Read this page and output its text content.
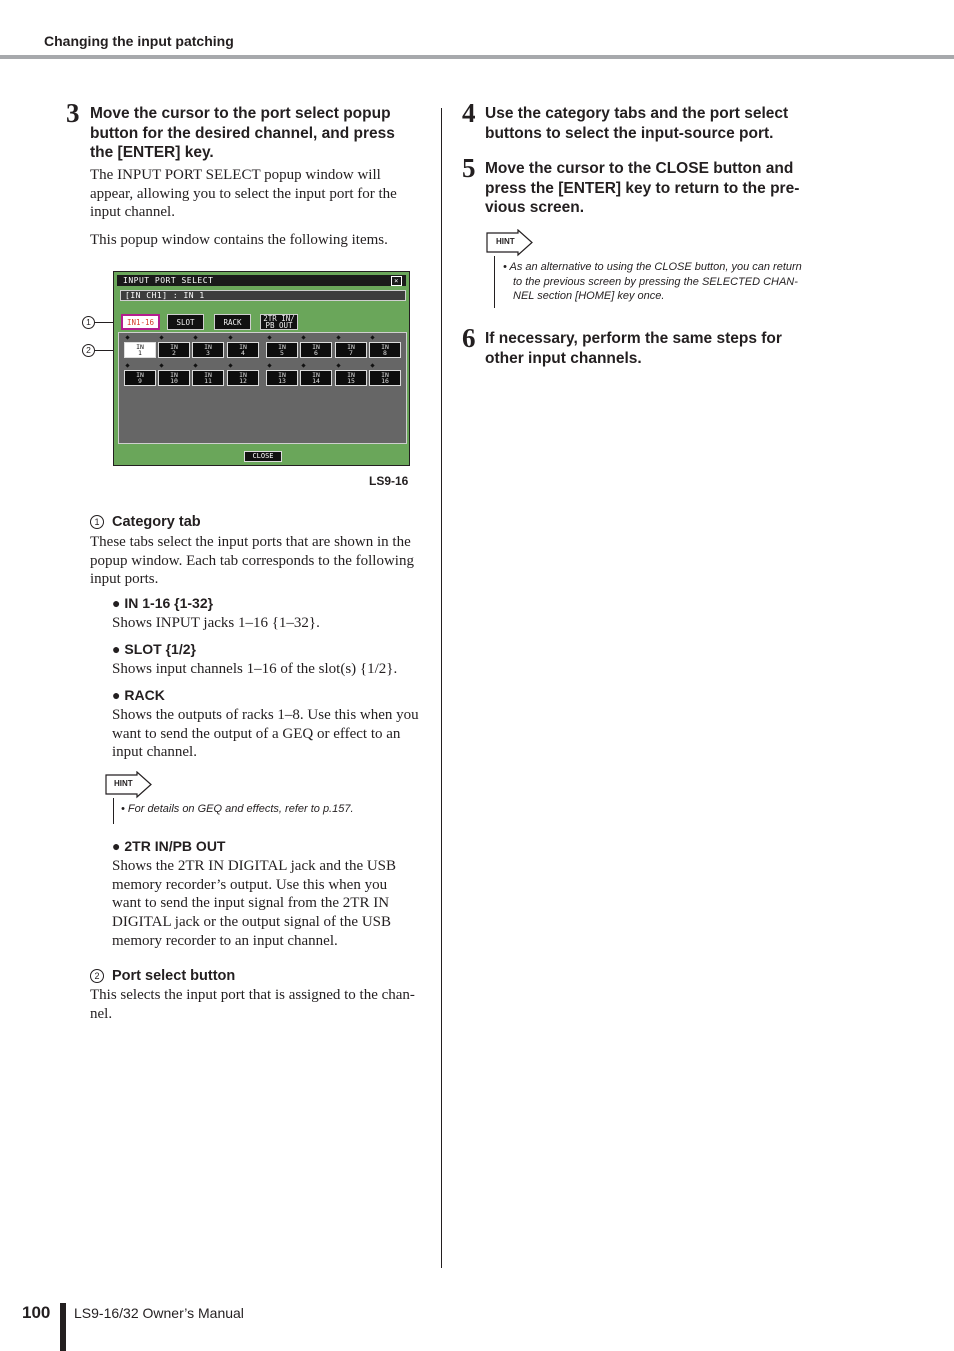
Changing the input patching
3 Move the cursor to the port select popup
button for the desired channel, and press
the [ENTER] key.
The INPUT PORT SELECT popup window will
appear, allowing you to select the input port for the
input channel.
This popup window contains the following items.
1
2
INPUT PORT SELECT	×
[IN CH1] : IN 1
IN1-16	SLOT	RACK	2TR IN/
PB OUT
IN
1
IN
2
IN
3
IN
4
IN
5
IN
6
IN
7
IN
8
IN
9
IN
10
IN
11
IN
12
IN
13
IN
14
IN
15
IN
16
CLOSE
LS9-16
1 Category tab
These tabs select the input ports that are shown in the
popup window. Each tab corresponds to the following
input ports.
● IN 1-16 {1-32}
Shows INPUT jacks 1–16 {1–32}.
● SLOT {1/2}
Shows input channels 1–16 of the slot(s) {1/2}.
● RACK
Shows the outputs of racks 1–8. Use this when you
want to send the output of a GEQ or effect to an
input channel.
HINT
• For details on GEQ and effects, refer to p.157.
● 2TR IN/PB OUT
Shows the 2TR IN DIGITAL jack and the USB
memory recorder’s output. Use this when you
want to send the input signal from the 2TR IN
DIGITAL jack or the output signal of the USB
memory recorder to an input channel.
2 Port select button
This selects the input port that is assigned to the chan-
nel.
4 Use the category tabs and the port select
buttons to select the input-source port.
5 Move the cursor to the CLOSE button and
press the [ENTER] key to return to the pre-
vious screen.
HINT
• As an alternative to using the CLOSE button, you can return
to the previous screen by pressing the SELECTED CHAN-
NEL section [HOME] key once.
6 If necessary, perform the same steps for
other input channels.
100 LS9-16/32 Owner’s Manual
